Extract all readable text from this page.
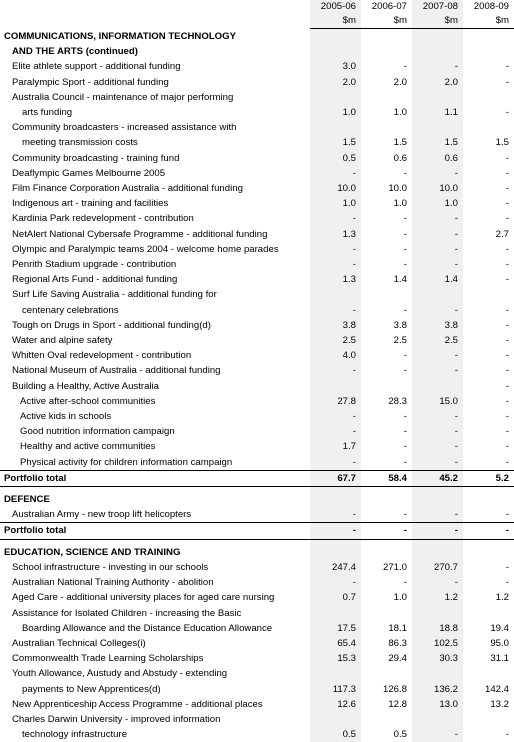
	2005-06	2006-07	2007-08	2008-09
	$m	$m	$m	$m
COMMUNICATIONS, INFORMATION TECHNOLOGY				
AND THE ARTS (continued)				
Elite athlete support - additional funding	3.0	-	-	-
Paralympic Sport - additional funding	2.0	2.0	2.0	-
Australia Council - maintenance of major performing				
arts funding	1.0	1.0	1.1	-
Community broadcasters - increased assistance with				
meeting transmission costs	1.5	1.5	1.5	1.5
Community broadcasting - training fund	0.5	0.6	0.6	-
Deaflympic Games Melbourne 2005	-	-	-	-
Film Finance Corporation Australia - additional funding	10.0	10.0	10.0	-
Indigenous art - training and facilities	1.0	1.0	1.0	-
Kardinia Park redevelopment - contribution	-	-	-	-
NetAlert National Cybersafe Programme - additional funding	1.3	-	-	2.7
Olympic and Paralympic teams 2004 - welcome home parades	-	-	-	-
Penrith Stadium upgrade - contribution	-	-	-	-
Regional Arts Fund - additional funding	1.3	1.4	1.4	-
Surf Life Saving Australia - additional funding for				
centenary celebrations	-	-	-	-
Tough on Drugs in Sport - additional funding(d)	3.8	3.8	3.8	-
Water and alpine safety	2.5	2.5	2.5	-
Whitten Oval redevelopment - contribution	4.0	-	-	-
National Museum of Australia - additional funding	-	-	-	-
Building a Healthy, Active Australia				-
Active after-school communities	27.8	28.3	15.0	-
Active kids in schools	-	-	-	-
Good nutrition information campaign	-	-	-	-
Healthy and active communities	1.7	-	-	-
Physical activity for children information campaign	-	-	-	-
Portfolio total	67.7	58.4	45.2	5.2

DEFENCE				
Australian Army - new troop lift helicopters	-	-	-	-
Portfolio total	-	-	-	-

EDUCATION, SCIENCE AND TRAINING				
School infrastructure - investing in our schools	247.4	271.0	270.7	-
Australian National Training Authority - abolition	-	-	-	-
Aged Care - additional university places for aged care nursing	0.7	1.0	1.2	1.2
Assistance for Isolated Children - increasing the Basic				
Boarding Allowance and the Distance Education Allowance	17.5	18.1	18.8	19.4
Australian Technical Colleges(i)	65.4	86.3	102.5	95.0
Commonwealth Trade Learning Scholarships	15.3	29.4	30.3	31.1
Youth Allowance, Austudy and Abstudy - extending				
payments to New Apprentices(d)	117.3	126.8	136.2	142.4
New Apprenticeship Access Programme - additional places	12.6	12.8	13.0	13.2
Charles Darwin University - improved information				
technology infrastructure	0.5	0.5	-	-
